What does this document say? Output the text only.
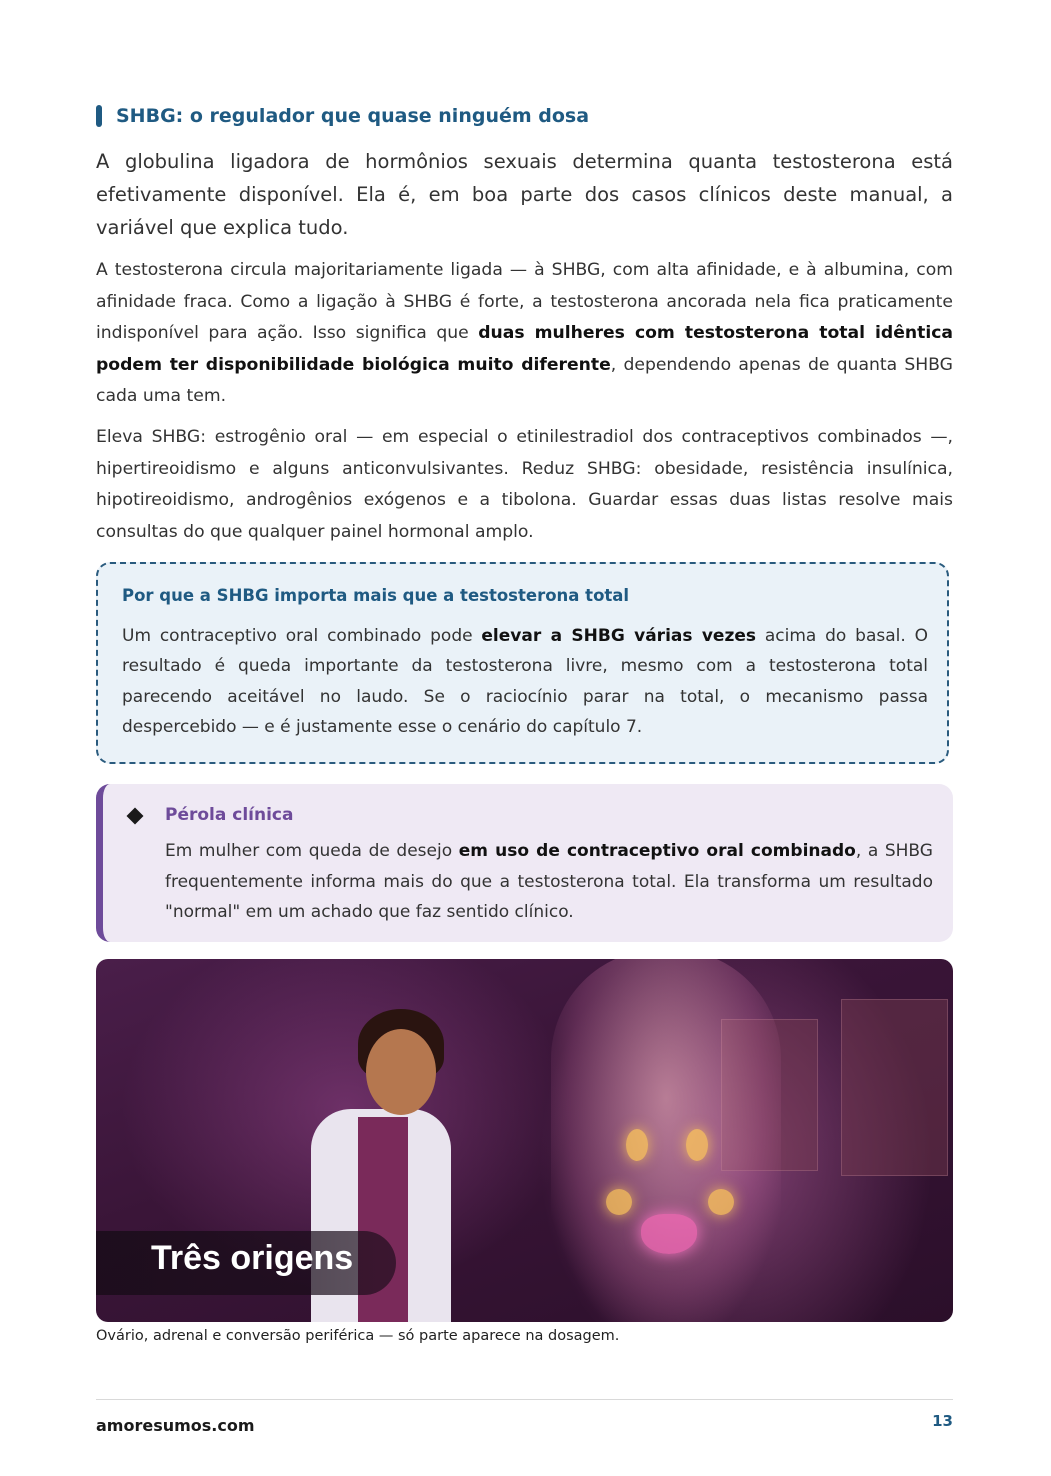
SHBG: o regulador que quase ninguém dosa

A globulina ligadora de hormônios sexuais determina quanta testosterona está efetivamente disponível. Ela é, em boa parte dos casos clínicos deste manual, a variável que explica tudo.

A testosterona circula majoritariamente ligada — à SHBG, com alta afinidade, e à albumina, com afinidade fraca. Como a ligação à SHBG é forte, a testosterona ancorada nela fica praticamente indisponível para ação. Isso significa que duas mulheres com testosterona total idêntica podem ter disponibilidade biológica muito diferente, dependendo apenas de quanta SHBG cada uma tem.

Eleva SHBG: estrogênio oral — em especial o etinilestradiol dos contraceptivos combinados —, hipertireoidismo e alguns anticonvulsivantes. Reduz SHBG: obesidade, resistência insulínica, hipotireoidismo, androgênios exógenos e a tibolona. Guardar essas duas listas resolve mais consultas do que qualquer painel hormonal amplo.

Por que a SHBG importa mais que a testosterona total

Um contraceptivo oral combinado pode elevar a SHBG várias vezes acima do basal. O resultado é queda importante da testosterona livre, mesmo com a testosterona total parecendo aceitável no laudo. Se o raciocínio parar na total, o mecanismo passa despercebido — e é justamente esse o cenário do capítulo 7.

Pérola clínica

Em mulher com queda de desejo em uso de contraceptivo oral combinado, a SHBG frequentemente informa mais do que a testosterona total. Ela transforma um resultado "normal" em um achado que faz sentido clínico.

Três origens
Ovário, adrenal e conversão periférica — só parte aparece na dosagem.
amoresumos.com	13
